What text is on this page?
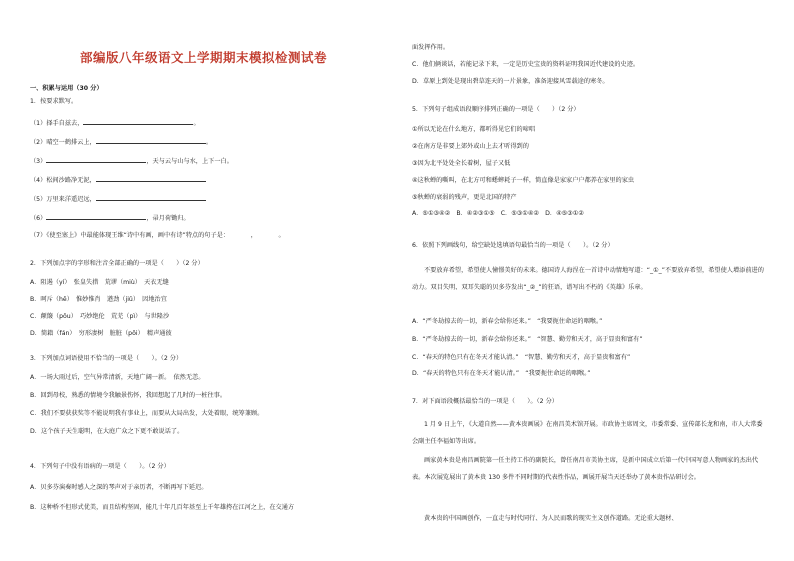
部编版八年级语文上学期期末模拟检测试卷
一、积累与运用（30 分）
1．按要求默写。
（1）择手自兹去，	。
（2）晴空一鹤排云上，	。
（3）	，天与云与山与水，上下一白。
（4）松间沙路净无泥，
（5）万里来洋遥迟远，
（6）	，帚月荷锄归。
（7）《使至塞上》中最能体现王维“诗中有画，画中有诗”特点的句子是：　　　　，　　　　。
2．下列加点字的字形和注音全部正确的一项是（　　）（2 分）
A．阻遏（yí）　张皇失措　荒谬（miù）　天衣无缝
B．呵斥（hē）　惟妙惟肖　遒劲（jiǔ）　因地治宜
C．颠簸（pǒu）　巧妙绝伦　荒芜（pì）　与世隆沙
D．简籍（fán）　穷形凄树　脏脏（pōi）　精声通彼
3．下列加点词语使用不恰当的一项是（　　）。（2 分）
A．一场大雨过后，空气异常清新，天地广阔一新。　依然无恙。
B．回到母校，熟悉的情境令我触景伤怀，我回想起了几时的一桩往事。
C．我们不要获获奖等不能说明我有事业上，而要从大局出发，大处着眼，统筹兼顾。
D．这个孩子天生聪明，在大庭广众之下更不敢说话了。
4．下列句子中没有语病的一项是（　　）。（2 分）
A．贝多芬演奏时感人之深的琴声对于亲历者，不断再写下延迟。
B．这种桥不但形式优美，而且结构坚固，能几十年几百年基至上千年雄挎在江河之上，在交通方
面发挥作用。
C．他们俩谈话，若能记录下来，一定是历史宝贵的资料证明我国近代建设的史迹。
D．草原上到处是现出碧草连天的一片景象，准备迎接风雪载途的寒冬。
5．下列句子组成语段顺序排列正确的一项是（　　）（2 分）
①所以无论在什么地方，都听得见它们的啼唱
②在南方是非要上郊外或山上去才听得到的
③因为北平处处全长着树，屋子又低
④这秋蝉的嘶叫，在北方可和蟋蟀耗子一样，简直像是家家户户都养在家里的家虫
⑤秋蝉的衰弱的残声，更是北国的特产
A．⑤①③④②　B．④②③①⑤　C．⑤③①④②　D．④⑤③①②
6．依照下列画线句，给空缺处选填语句最恰当的一项是（　　）。（2 分）
不要放弃希望，希望使人憧憬美好的未来。德国诗人海涅在一首诗中动情地写道：“_①_”不要放弃希望，希望使人增添前进的动力。双目失明、双耳失聪的贝多芬发出“_②_”的狂语，谱写出不朽的《英雄》乐章。
A．“严冬劫掠去的一切，新春会给你还来。”　“我要扼住命运的咽喉。”
B．“严冬劫掠去的一切，新春会给你还来。”　“智慧、勤劳和天才，高于显贵和富有”
C．“春天的特色只有在冬天才能认清。”　“智慧、勤劳和天才，高于显贵和富有”
D．“春天的特色只有在冬天才能认清。”　“我要扼住命运的咽喉。”
7．对下面语段概括最恰当的一项是（　　）。（2 分）
1 月 9 日上午，《大道自然——黄本贵画展》在南昌美术馆开展。市政协主席周文，市委常委、宣传部长龙和南，市人大常委会副主任李福如等出席。
画家黄本贵是南昌画院第一任主持工作的副院长，曾任南昌市美协主席，是新中国成立后第一代中国写意人物画家的杰出代表。本次展览展出了黄本贵 130 多件不同时期的代表性作品，画展开展当天还举办了黄本贵作品研讨会。
黄本贵的中国画创作，一直走与时代同行、为人民而歌的现实主义创作道路。无论重大题材、
